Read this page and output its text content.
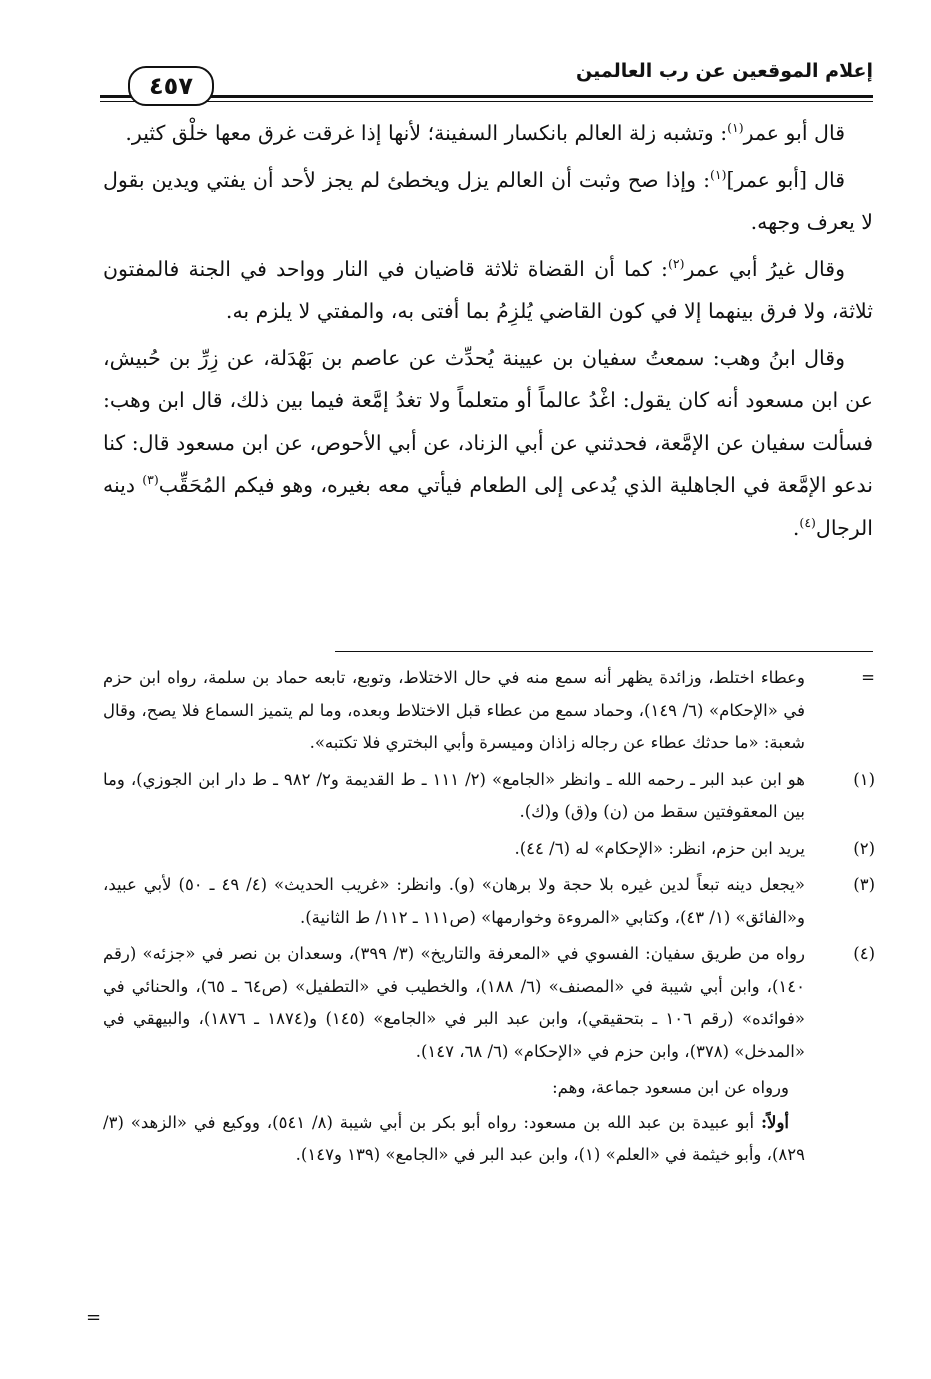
إعلام الموقعين عن رب العالمين
٤٥٧

قال أبو عمر$^{(١)}$: وتشبه زلة العالم بانكسار السفينة؛ لأنها إذا غرقت غرق معها خلْق كثير.

قال [أبو عمر]$^{(١)}$: وإذا صح وثبت أن العالم يزل ويخطئ لم يجز لأحد أن يفتي ويدين بقول لا يعرف وجهه.

وقال غيرُ أبي عمر$^{(٢)}$: كما أن القضاة ثلاثة قاضيان في النار وواحد في الجنة فالمفتون ثلاثة، ولا فرق بينهما إلا في كون القاضي يُلزِمُ بما أفتى به، والمفتي لا يلزم به.

وقال ابنُ وهب: سمعتُ سفيان بن عيينة يُحدِّث عن عاصم بن بَهْدَلة، عن زِرِّ بن حُبيش، عن ابن مسعود أنه كان يقول: اغْدُ عالماً أو متعلماً ولا تغدُ إمَّعة فيما بين ذلك، قال ابن وهب: فسألت سفيان عن الإمَّعة، فحدثني عن أبي الزناد، عن أبي الأحوص، عن ابن مسعود قال: كنا ندعو الإمَّعة في الجاهلية الذي يُدعى إلى الطعام فيأتي معه بغيره، وهو فيكم المُحَقِّب$^{(٣)}$ دينه الرجال$^{(٤)}$.

=
وعطاء اختلط، وزائدة يظهر أنه سمع منه في حال الاختلاط، وتوبع، تابعه حماد بن سلمة، رواه ابن حزم في «الإحكام» (٦/ ١٤٩)، وحماد سمع من عطاء قبل الاختلاط وبعده، وما لم يتميز السماع فلا يصح، وقال شعبة: «ما حدثك عطاء عن رجاله زاذان وميسرة وأبي البختري فلا تكتبه».
(١)
هو ابن عبد البر ـ رحمه الله ـ وانظر «الجامع» (٢/ ١١١ ـ ط القديمة و٢/ ٩٨٢ ـ ط دار ابن الجوزي)، وما بين المعقوفتين سقط من (ن) و(ق) و(ك).
(٢)
يريد ابن حزم، انظر: «الإحكام» له (٦/ ٤٤).
(٣)
«يجعل دينه تبعاً لدين غيره بلا حجة ولا برهان» (و). وانظر: «غريب الحديث» (٤/ ٤٩ ـ ٥٠) لأبي عبيد، و«الفائق» (١/ ٤٣)، وكتابي «المروءة وخوارمها» (ص١١١ ـ ١١٢/ ط الثانية).
(٤)
رواه من طريق سفيان: الفسوي في «المعرفة والتاريخ» (٣/ ٣٩٩)، وسعدان بن نصر في «جزئه» (رقم ١٤٠)، وابن أبي شيبة في «المصنف» (٦/ ١٨٨)، والخطيب في «التطفيل» (ص٦٤ ـ ٦٥)، والحنائي في «فوائده» (رقم ١٠٦ ـ بتحقيقي)، وابن عبد البر في «الجامع» (١٤٥) و(١٨٧٤ ـ ١٨٧٦)، والبيهقي في «المدخل» (٣٧٨)، وابن حزم في «الإحكام» (٦/ ٦٨، ١٤٧).
ورواه عن ابن مسعود جماعة، وهم:
أولاً: أبو عبيدة بن عبد الله بن مسعود: رواه أبو بكر بن أبي شيبة (٨/ ٥٤١)، ووكيع في «الزهد» (٣/ ٨٢٩)، وأبو خيثمة في «العلم» (١)، وابن عبد البر في «الجامع» (١٣٩ و١٤٧).
=
